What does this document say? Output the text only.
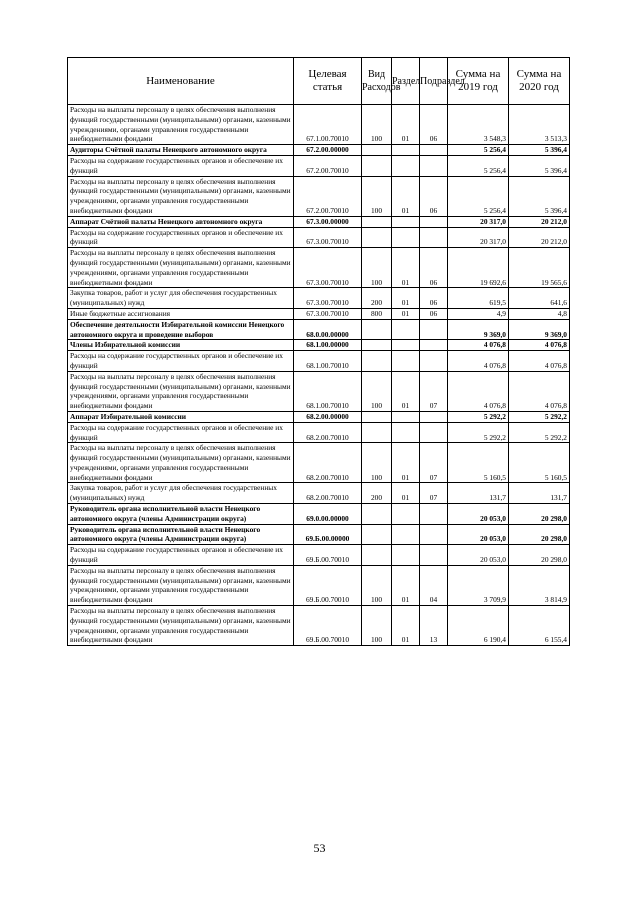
Наименование	Целевая статья	Вид Расходов	Раздел	Подраздел	Сумма на 2019 год	Сумма на 2020 год
Расходы на выплаты персоналу в целях обеспечения выполнения функций государственными (муниципальными) органами, казенными учреждениями, органами управления государственными внебюджетными фондами	67.1.00.70010	100	01	06	3 548,3	3 513,3
Аудиторы Счётной палаты Ненецкого автономного округа	67.2.00.00000				5 256,4	5 396,4
Расходы на содержание государственных органов и обеспечение их функций	67.2.00.70010				5 256,4	5 396,4
Расходы на выплаты персоналу в целях обеспечения выполнения функций государственными (муниципальными) органами, казенными учреждениями, органами управления государственными внебюджетными фондами	67.2.00.70010	100	01	06	5 256,4	5 396,4
Аппарат Счётной палаты Ненецкого автономного округа	67.3.00.00000				20 317,0	20 212,0
Расходы на содержание государственных органов и обеспечение их функций	67.3.00.70010				20 317,0	20 212,0
Расходы на выплаты персоналу в целях обеспечения выполнения функций государственными (муниципальными) органами, казенными учреждениями, органами управления государственными внебюджетными фондами	67.3.00.70010	100	01	06	19 692,6	19 565,6
Закупка товаров, работ и услуг для обеспечения государственных (муниципальных) нужд	67.3.00.70010	200	01	06	619,5	641,6
Иные бюджетные ассигнования	67.3.00.70010	800	01	06	4,9	4,8
Обеспечение деятельности Избирательной комиссии Ненецкого автономного округа и проведение выборов	68.0.00.00000				9 369,0	9 369,0
Члены Избирательной комиссии	68.1.00.00000				4 076,8	4 076,8
Расходы на содержание государственных органов и обеспечение их функций	68.1.00.70010				4 076,8	4 076,8
Расходы на выплаты персоналу в целях обеспечения выполнения функций государственными (муниципальными) органами, казенными учреждениями, органами управления государственными внебюджетными фондами	68.1.00.70010	100	01	07	4 076,8	4 076,8
Аппарат Избирательной комиссии	68.2.00.00000				5 292,2	5 292,2
Расходы на содержание государственных органов и обеспечение их функций	68.2.00.70010				5 292,2	5 292,2
Расходы на выплаты персоналу в целях обеспечения выполнения функций государственными (муниципальными) органами, казенными учреждениями, органами управления государственными внебюджетными фондами	68.2.00.70010	100	01	07	5 160,5	5 160,5
Закупка товаров, работ и услуг для обеспечения государственных (муниципальных) нужд	68.2.00.70010	200	01	07	131,7	131,7
Руководитель органа исполнительной власти Ненецкого автономного округа (члены Администрации округа)	69.0.00.00000				20 053,0	20 298,0
Руководитель органа исполнительной власти Ненецкого автономного округа (члены Администрации округа)	69.Б.00.00000				20 053,0	20 298,0
Расходы на содержание государственных органов и обеспечение их функций	69.Б.00.70010				20 053,0	20 298,0
Расходы на выплаты персоналу в целях обеспечения выполнения функций государственными (муниципальными) органами, казенными учреждениями, органами управления государственными внебюджетными фондами	69.Б.00.70010	100	01	04	3 709,9	3 814,9
Расходы на выплаты персоналу в целях обеспечения выполнения функций государственными (муниципальными) органами, казенными учреждениями, органами управления государственными внебюджетными фондами	69.Б.00.70010	100	01	13	6 190,4	6 155,4
53
